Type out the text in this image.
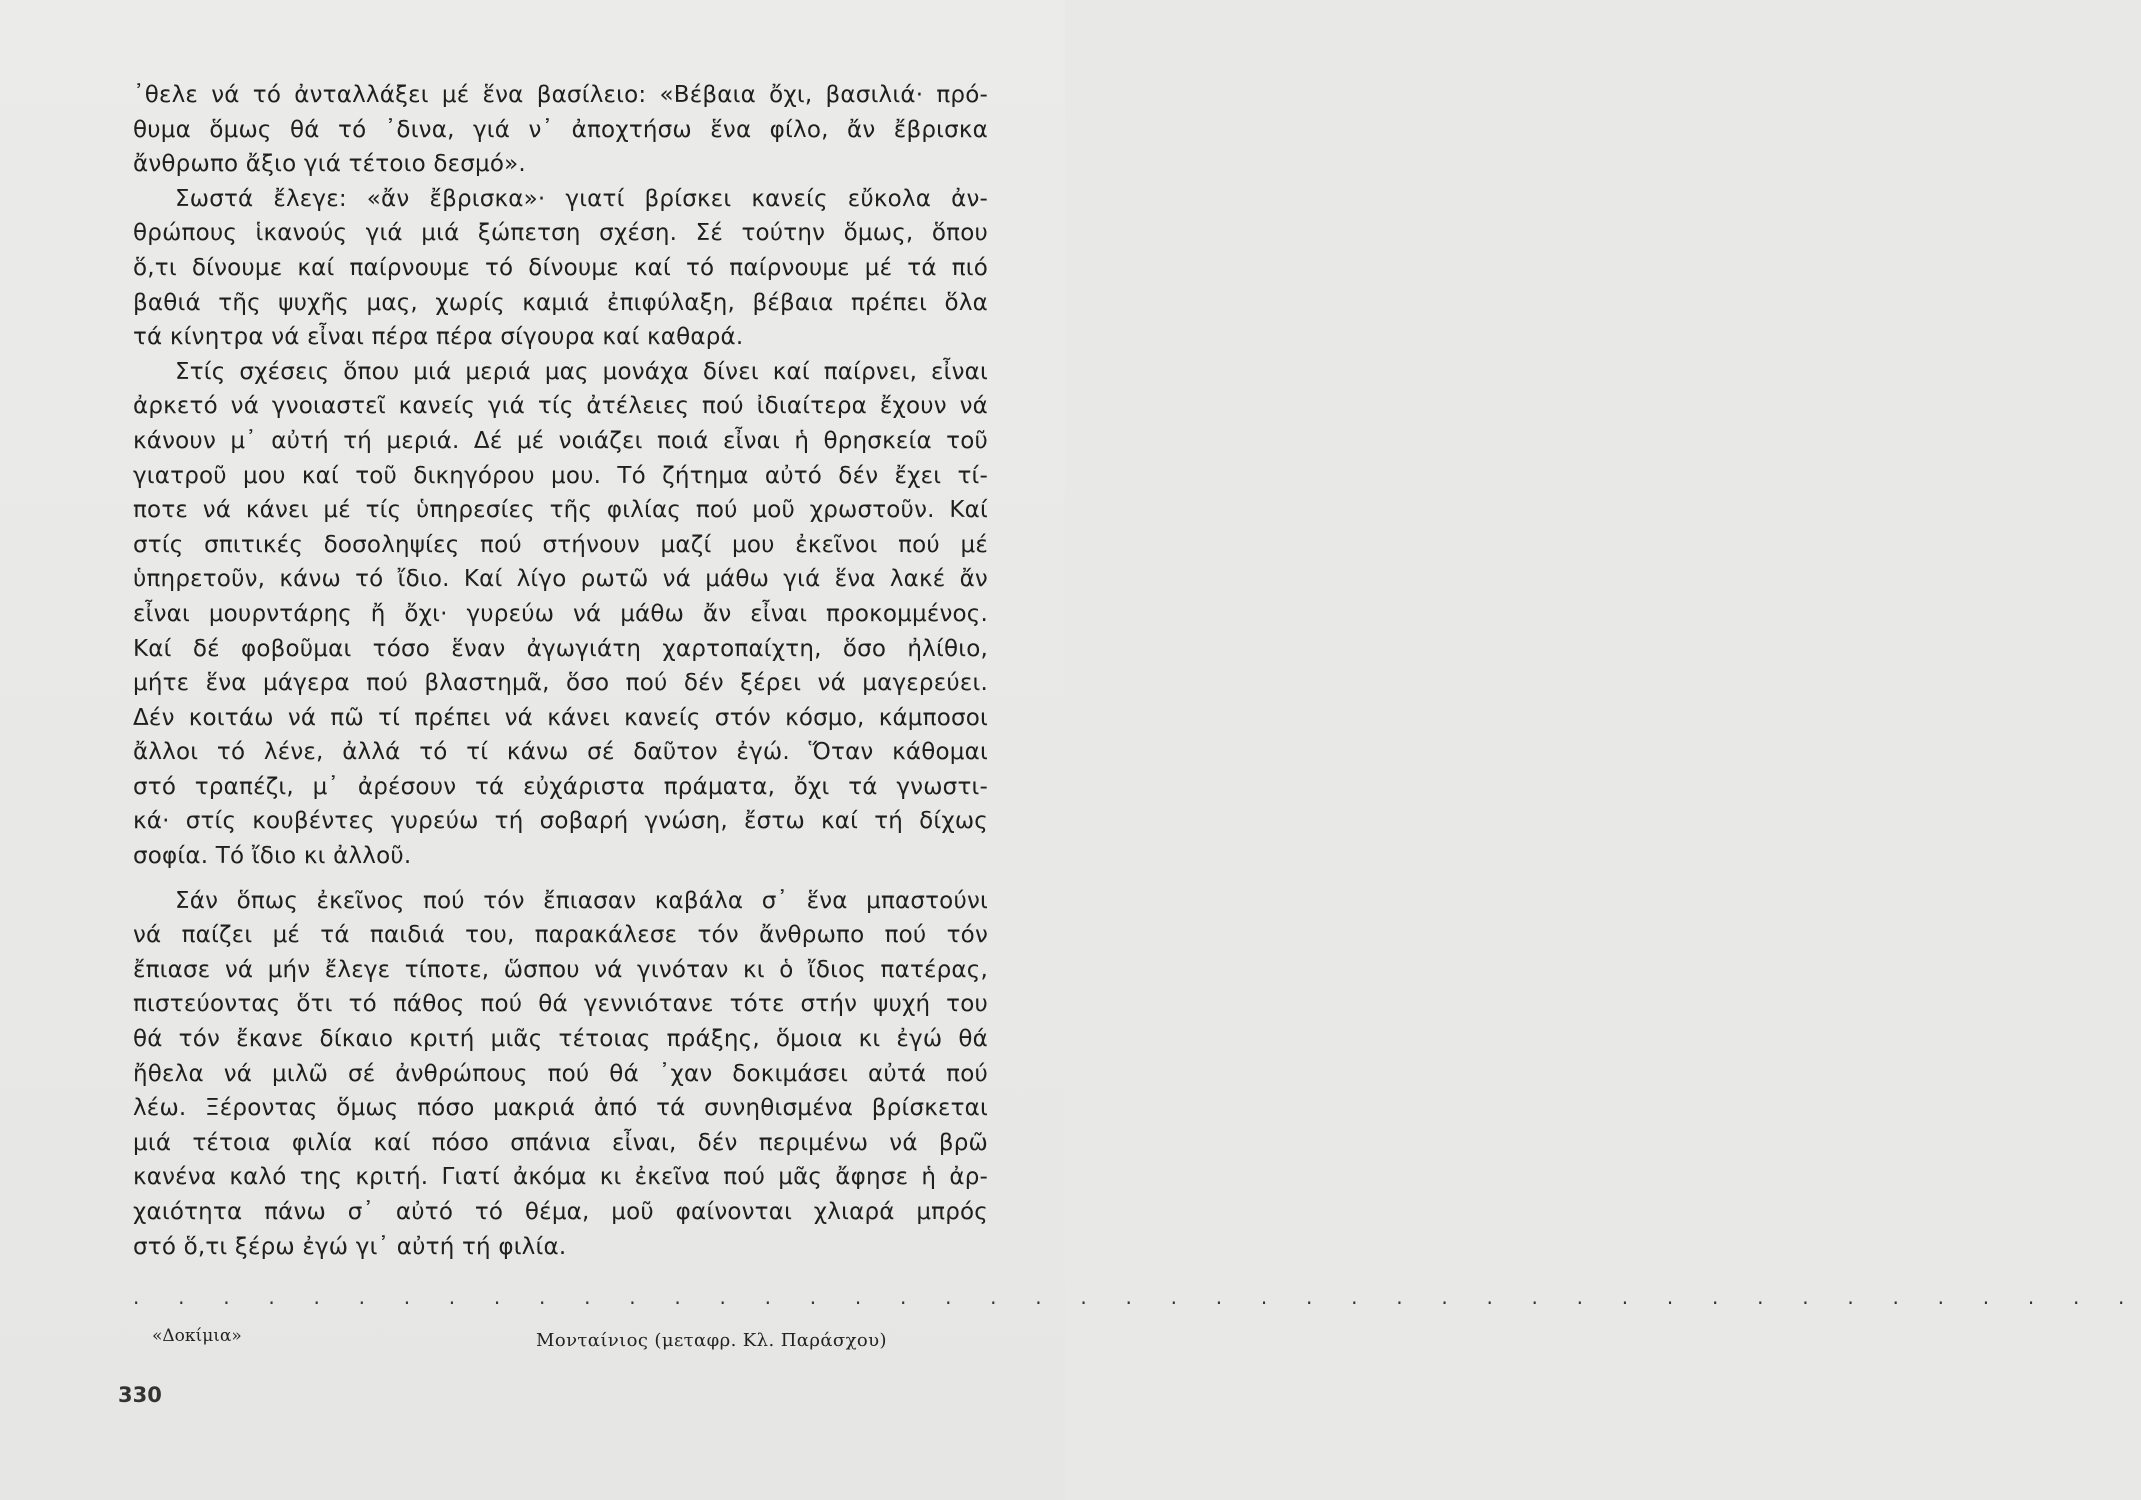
᾿θελε νά τό ἀνταλλάξει μέ ἕνα βασίλειο: «Βέβαια ὄχι, βασιλιά· πρό-
θυμα ὅμως θά τό ᾿δινα, γιά ν᾿ ἀποχτήσω ἕνα φίλο, ἄν ἔβρισκα
ἄνθρωπο ἄξιο γιά τέτοιο δεσμό».
Σωστά ἔλεγε: «ἄν ἔβρισκα»· γιατί βρίσκει κανείς εὔκολα ἀν-
θρώπους ἱκανούς γιά μιά ξώπετση σχέση. Σέ τούτην ὅμως, ὅπου
ὅ,τι δίνουμε καί παίρνουμε τό δίνουμε καί τό παίρνουμε μέ τά πιό
βαθιά τῆς ψυχῆς μας, χωρίς καμιά ἐπιφύλαξη, βέβαια πρέπει ὅλα
τά κίνητρα νά εἶναι πέρα πέρα σίγουρα καί καθαρά.
Στίς σχέσεις ὅπου μιά μεριά μας μονάχα δίνει καί παίρνει, εἶναι
ἀρκετό νά γνοιαστεῖ κανείς γιά τίς ἀτέλειες πού ἰδιαίτερα ἔχουν νά
κάνουν μ᾿ αὐτή τή μεριά. Δέ μέ νοιάζει ποιά εἶναι ἡ θρησκεία τοῦ
γιατροῦ μου καί τοῦ δικηγόρου μου. Τό ζήτημα αὐτό δέν ἔχει τί-
ποτε νά κάνει μέ τίς ὑπηρεσίες τῆς φιλίας πού μοῦ χρωστοῦν. Καί
στίς σπιτικές δοσοληψίες πού στήνουν μαζί μου ἐκεῖνοι πού μέ
ὑπηρετοῦν, κάνω τό ἴδιο. Καί λίγο ρωτῶ νά μάθω γιά ἕνα λακέ ἄν
εἶναι μουρντάρης ἤ ὄχι· γυρεύω νά μάθω ἄν εἶναι προκομμένος.
Καί δέ φοβοῦμαι τόσο ἕναν ἀγωγιάτη χαρτοπαίχτη, ὅσο ἠλίθιο,
μήτε ἕνα μάγερα πού βλαστημᾶ, ὅσο πού δέν ξέρει νά μαγερεύει.
Δέν κοιτάω νά πῶ τί πρέπει νά κάνει κανείς στόν κόσμο, κάμποσοι
ἄλλοι τό λένε, ἀλλά τό τί κάνω σέ δαῦτον ἐγώ. Ὅταν κάθομαι
στό τραπέζι, μ᾿ ἀρέσουν τά εὐχάριστα πράματα, ὄχι τά γνωστι-
κά· στίς κουβέντες γυρεύω τή σοβαρή γνώση, ἔστω καί τή δίχως
σοφία. Τό ἴδιο κι ἀλλοῦ.
Σάν ὅπως ἐκεῖνος πού τόν ἔπιασαν καβάλα σ᾿ ἕνα μπαστούνι
νά παίζει μέ τά παιδιά του, παρακάλεσε τόν ἄνθρωπο πού τόν
ἔπιασε νά μήν ἔλεγε τίποτε, ὥσπου νά γινόταν κι ὁ ἴδιος πατέρας,
πιστεύοντας ὅτι τό πάθος πού θά γεννιότανε τότε στήν ψυχή του
θά τόν ἔκανε δίκαιο κριτή μιᾶς τέτοιας πράξης, ὅμοια κι ἐγώ θά
ἤθελα νά μιλῶ σέ ἀνθρώπους πού θά ᾿χαν δοκιμάσει αὐτά πού
λέω. Ξέροντας ὅμως πόσο μακριά ἀπό τά συνηθισμένα βρίσκεται
μιά τέτοια φιλία καί πόσο σπάνια εἶναι, δέν περιμένω νά βρῶ
κανένα καλό της κριτή. Γιατί ἀκόμα κι ἐκεῖνα πού μᾶς ἄφησε ἡ ἀρ-
χαιότητα πάνω σ᾿ αὐτό τό θέμα, μοῦ φαίνονται χλιαρά μπρός
στό ὅ,τι ξέρω ἐγώ γι᾿ αὐτή τή φιλία.
. . . . . . . . . . . . . . . . . . . . . . . . . . . . . . . . . . . . . . . . . . . . .
«Δοκίμια»	Μονταίνιος (μεταφρ. Κλ. Παράσχου)
330
